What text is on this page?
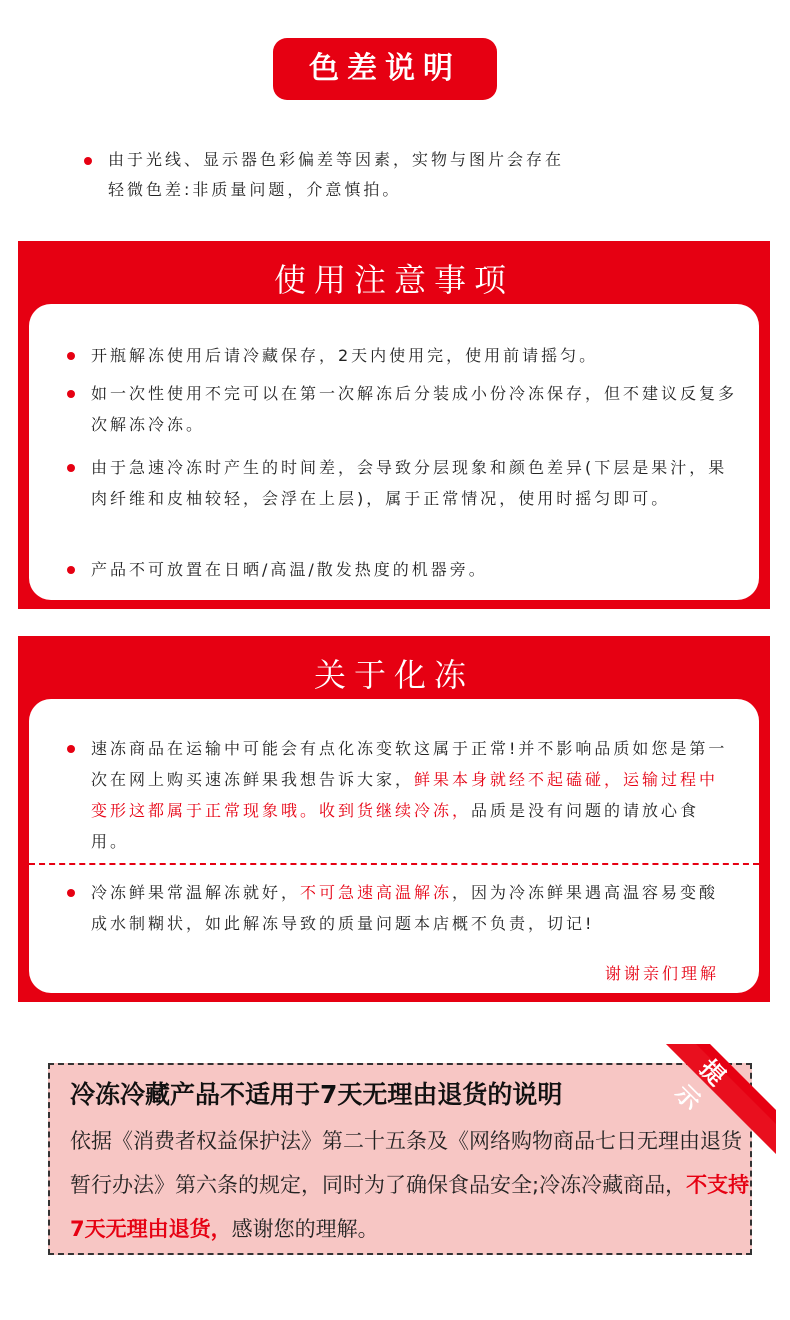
色差说明
由于光线、显示器色彩偏差等因素，实物与图片会存在
轻微色差:非质量问题，介意慎拍。
使用注意事项
开瓶解冻使用后请冷藏保存，2天内使用完，使用前请摇匀。
如一次性使用不完可以在第一次解冻后分装成小份冷冻保存，但不建议反复多次解冻冷冻。
由于急速冷冻时产生的时间差，会导致分层现象和颜色差异(下层是果汁，果肉纤维和皮柚较轻，会浮在上层)，属于正常情况，使用时摇匀即可。
产品不可放置在日晒/高温/散发热度的机器旁。
关于化冻
速冻商品在运输中可能会有点化冻变软这属于正常!并不影响品质如您是第一次在网上购买速冻鲜果我想告诉大家，鲜果本身就经不起磕碰，运输过程中变形这都属于正常现象哦。收到货继续冷冻，品质是没有问题的请放心食用。
冷冻鲜果常温解冻就好，不可急速高温解冻，因为冷冻鲜果遇高温容易变酸成水制糊状，如此解冻导致的质量问题本店概不负责，切记!
谢谢亲们理解
冷冻冷藏产品不适用于7天无理由退货的说明
依据《消费者权益保护法》第二十五条及《网络购物商品七日无理由退货暂行办法》第六条的规定，同时为了确保食品安全;冷冻冷藏商品，不支持7天无理由退货，感谢您的理解。
提示
